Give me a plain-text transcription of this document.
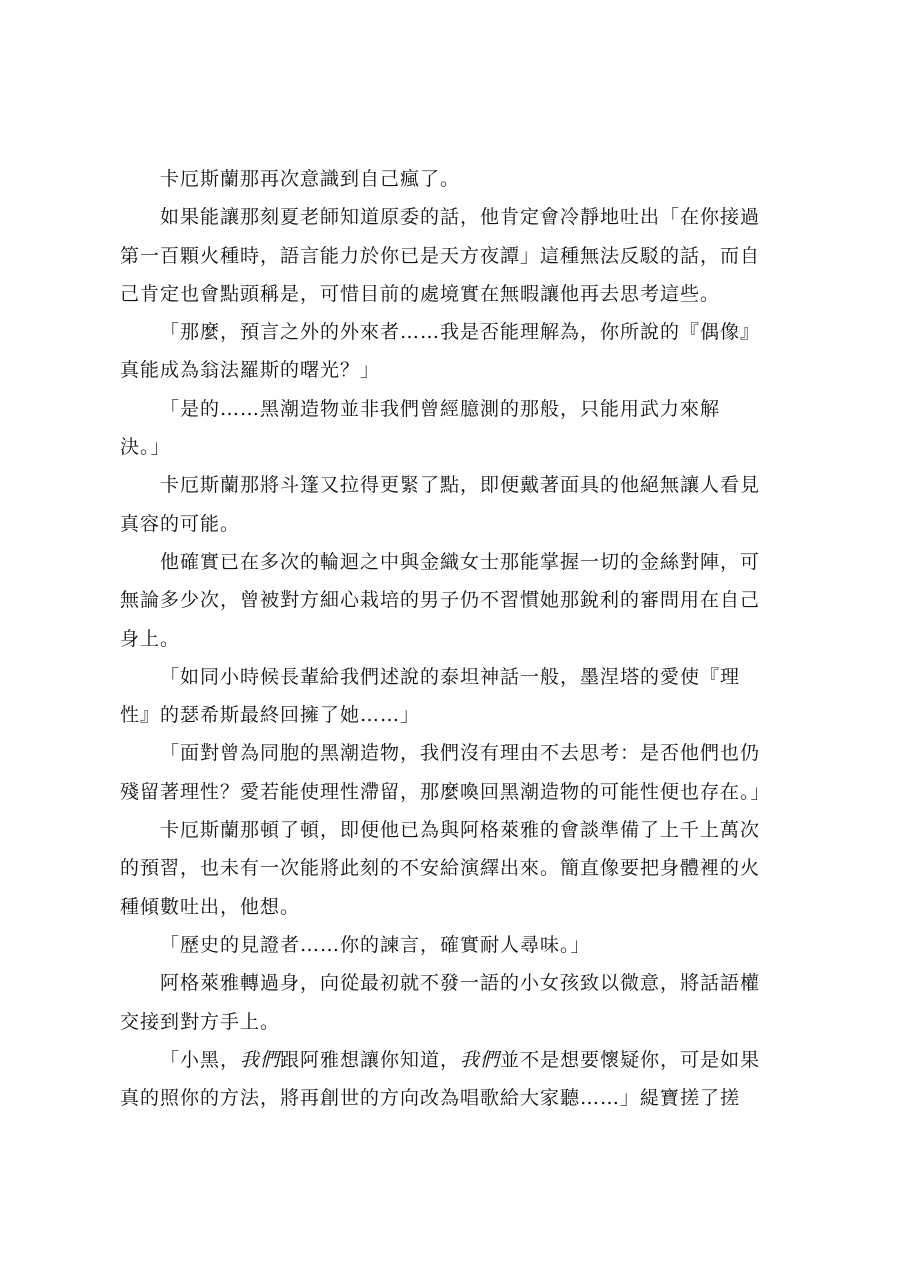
卡厄斯蘭那再次意識到自己瘋了。
如果能讓那刻夏老師知道原委的話，他肯定會冷靜地吐出「在你接過
第一百顆火種時，語言能力於你已是天方夜譚」這種無法反駁的話，而自
己肯定也會點頭稱是，可惜目前的處境實在無暇讓他再去思考這些。
「那麼，預言之外的外來者……我是否能理解為，你所說的『偶像』
真能成為翁法羅斯的曙光？」
「是的……黑潮造物並非我們曾經臆測的那般，只能用武力來解
決。」
卡厄斯蘭那將斗篷又拉得更緊了點，即便戴著面具的他絕無讓人看見
真容的可能。
他確實已在多次的輪迴之中與金織女士那能掌握一切的金絲對陣，可
無論多少次，曾被對方細心栽培的男子仍不習慣她那銳利的審問用在自己
身上。
「如同小時候長輩給我們述說的泰坦神話一般，墨涅塔的愛使『理
性』的瑟希斯最終回擁了她……」
「面對曾為同胞的黑潮造物，我們沒有理由不去思考：是否他們也仍
殘留著理性？愛若能使理性滯留，那麼喚回黑潮造物的可能性便也存在。」
卡厄斯蘭那頓了頓，即便他已為與阿格萊雅的會談準備了上千上萬次
的預習，也未有一次能將此刻的不安給演繹出來。簡直像要把身體裡的火
種傾數吐出，他想。
「歷史的見證者……你的諫言，確實耐人尋味。」
阿格萊雅轉過身，向從最初就不發一語的小女孩致以微意，將話語權
交接到對方手上。
「小黑，我們跟阿雅想讓你知道，我們並不是想要懷疑你，可是如果
真的照你的方法，將再創世的方向改為唱歌給大家聽……」緹寶搓了搓
